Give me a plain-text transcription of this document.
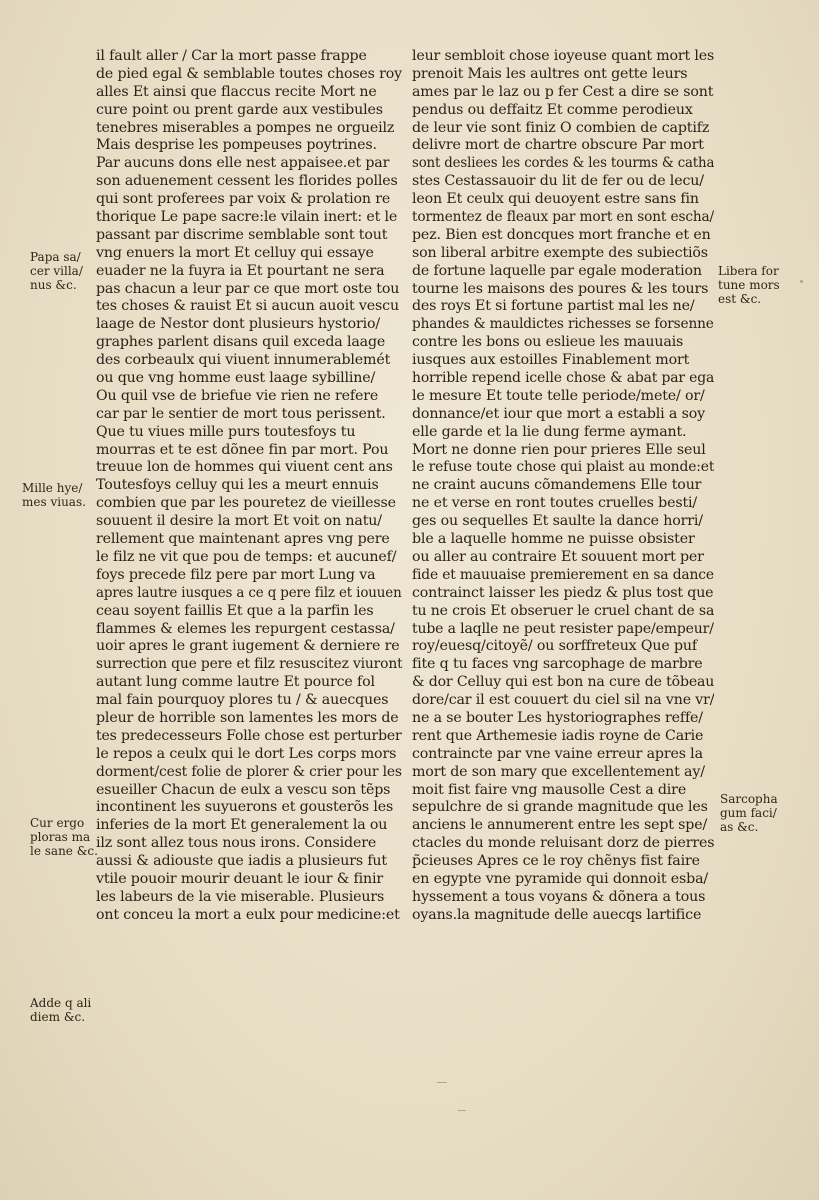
il fault aller / Car la mort passe frappe
de pied egal & semblable toutes choses roy
alles Et ainsi que flaccus recite Mort ne
cure point ou prent garde aux vestibules
tenebres miserables a pompes ne orgueilz
Mais desprise les pompeuses poytrines.
Par aucuns dons elle nest appaisee.et par
son aduenement cessent les florides polles
qui sont proferees par voix & prolation re
thorique Le pape sacre:le vilain inert: et le
passant par discrime semblable sont tout
vng enuers la mort Et celluy qui essaye
euader ne la fuyra ia Et pourtant ne sera
pas chacun a leur par ce que mort oste tou
tes choses & rauist Et si aucun auoit vescu
laage de Nestor dont plusieurs hystorio/
graphes parlent disans quil excedа laage
des corbeaulx qui viuent innumerablemét
ou que vng homme eust laage sybilline/
Ou quil vse de briefue vie rien ne refere
car par le sentier de mort tous perissent.
Que tu viues mille purs toutesfoys tu
mourras et te est dõnee fin par mort. Pou
treuue lon de hommes qui viuent cent ans
Toutesfoys celluy qui les a meurt ennuis
combien que par les pouretez de vieillesse
souuent il desire la mort Et voit on natu/
rellement que maintenant apres vng pere
le filz ne vit que pou de temps: et aucunef/
foys precede filz pere par mort Lung va
apres lautre iusques a ce q pere filz et iouuen
ceau soyent faillis Et que a la parfin les
flammes & elemes les repurgent cestassa/
uoir apres le grant iugement & derniere re
surrection que pere et filz resuscitez viuront
autant lung comme lautre Et pource fol
mal fain pourquoy plores tu / & auecques
pleur de horrible son lamentes les mors de
tes predecesseurs Folle chose est perturber
le repos a ceulx qui le dort Les corps mors
dorment/cest folie de plorer & crier pour les
esueiller Chacun de eulx a vescu son tẽps
incontinent les suyuerons et gousterõs les
inferies de la mort Et generalement la ou
ilz sont allez tous nous irons. Considere
aussi & adiouste que iadis a plusieurs fut
vtile pouoir mourir deuant le iour & finir
les labeurs de la vie miserable. Plusieurs
ont conceu la mort a eulx pour medicine:et
leur sembloit chose ioyeuse quant mort les
prenoit Mais les aultres ont gette leurs
ames par le laz ou p fer Cest a dire se sont
pendus ou deffaitz Et comme perodieux
de leur vie sont finiz O combien de captifz
delivre mort de chartre obscure Par mort
sont desliees les cordes & les tourms & catha
stes Cestassauoir du lit de fer ou de lecu/
leon Et ceulx qui deuoyent estre sans fin
tormentez de fleaux par mort en sont escha/
pez. Bien est doncques mort franche et en
son liberal arbitre exempte des subiectiõs
de fortune laquelle par egale moderation
tourne les maisons des poures & les tours
des roys Et si fortune partist mal les ne/
phandes & mauldictes richesses se forsenne
contre les bons ou eslieue les mauuais
iusques aux estoilles Finablement mort
horrible repend icelle chose & abat par ega
le mesure Et toute telle periode/mete/ or/
donnance/et iour que mort a establi a soy
elle garde et la lie dung ferme aymant.
Mort ne donne rien pour prieres Elle seul
le refuse toute chose qui plaist au monde:et
ne craint aucuns cõmandemens Elle tour
ne et verse en ront toutes cruelles besti/
ges ou sequelles Et saulte la dance horri/
ble a laquelle homme ne puisse obsister
ou aller au contraire Et souuent mort per
fide et mauuaise premierement en sa dance
contrainct laisser les piedz & plus tost que
tu ne crois Et obseruer le cruel chant de sa
tube a laqlle ne peut resister pape/empeur/
roy/euesq/citoyẽ/ ou sorffreteux Que puf
fite q tu faces vng sarcophage de marbre
& dor Celluy qui est bon na cure de tõbeau
dore/car il est couuert du ciel sil na vne vr/
ne a se bouter Les hystoriographes reffe/
rent que Arthemesie iadis royne de Carie
contraincte par vne vaine erreur apres la
mort de son mary que excellentement ay/
moit fist faire vng mausolle Cest a dire
sepulchre de si grande magnitude que les
anciens le annumerent entre les sept spe/
ctacles du monde reluisant dorz de pierres
p̃cieuses Apres ce le roy chẽnys fist faire
en egypte vne pyramide qui donnoit esba/
hyssement a tous voyans & dõnera a tous
oyans.la magnitude delle auecqs lartifice
Papa sa/
cer villa/
nus &c.
Mille hye/
mes viuas.
Cur ergo
ploras ma
le sane &c.
Adde q ali
diem &c.
Libera for
tune mors
est &c.
Sarcopha
gum faci/
as &c.
